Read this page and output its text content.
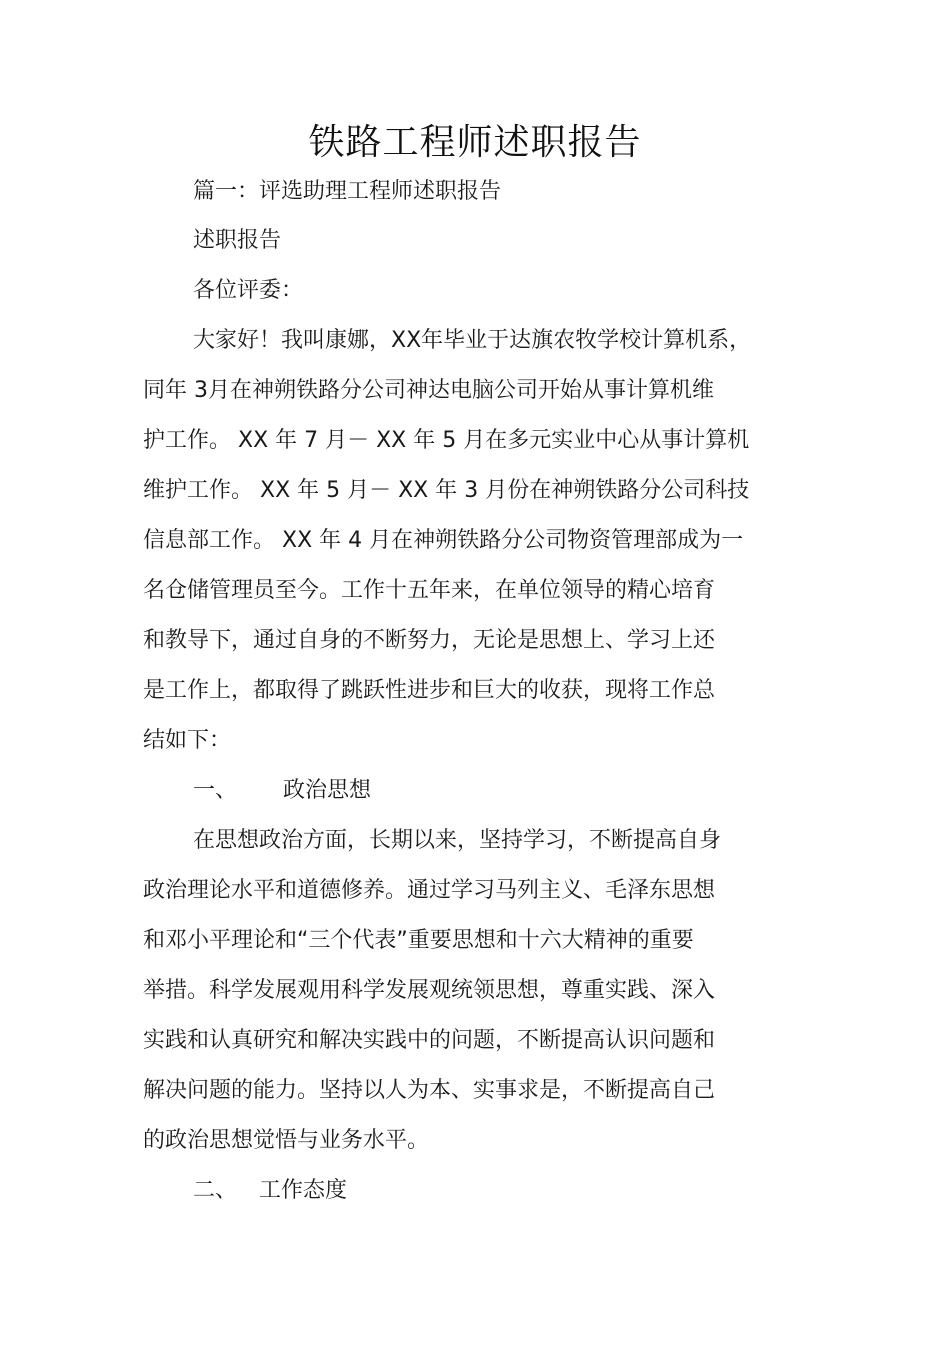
铁路工程师述职报告
篇一：评选助理工程师述职报告
述职报告
各位评委：
大家好！我叫康娜，XX年毕业于达旗农牧学校计算机系，
同年 3月在神朔铁路分公司神达电脑公司开始从事计算机维
护工作。 XX 年 7 月－ XX 年 5 月在多元实业中心从事计算机
维护工作。 XX 年 5 月－ XX 年 3 月份在神朔铁路分公司科技
信息部工作。 XX 年 4 月在神朔铁路分公司物资管理部成为一
名仓储管理员至今。工作十五年来，在单位领导的精心培育
和教导下，通过自身的不断努力，无论是思想上、学习上还
是工作上，都取得了跳跃性进步和巨大的收获，现将工作总
结如下：
一、 政治思想
在思想政治方面，长期以来，坚持学习，不断提高自身
政治理论水平和道德修养。通过学习马列主义、毛泽东思想
和邓小平理论和“三个代表”重要思想和十六大精神的重要
举措。科学发展观用科学发展观统领思想，尊重实践、深入
实践和认真研究和解决实践中的问题，不断提高认识问题和
解决问题的能力。坚持以人为本、实事求是，不断提高自己
的政治思想觉悟与业务水平。
二、 工作态度
